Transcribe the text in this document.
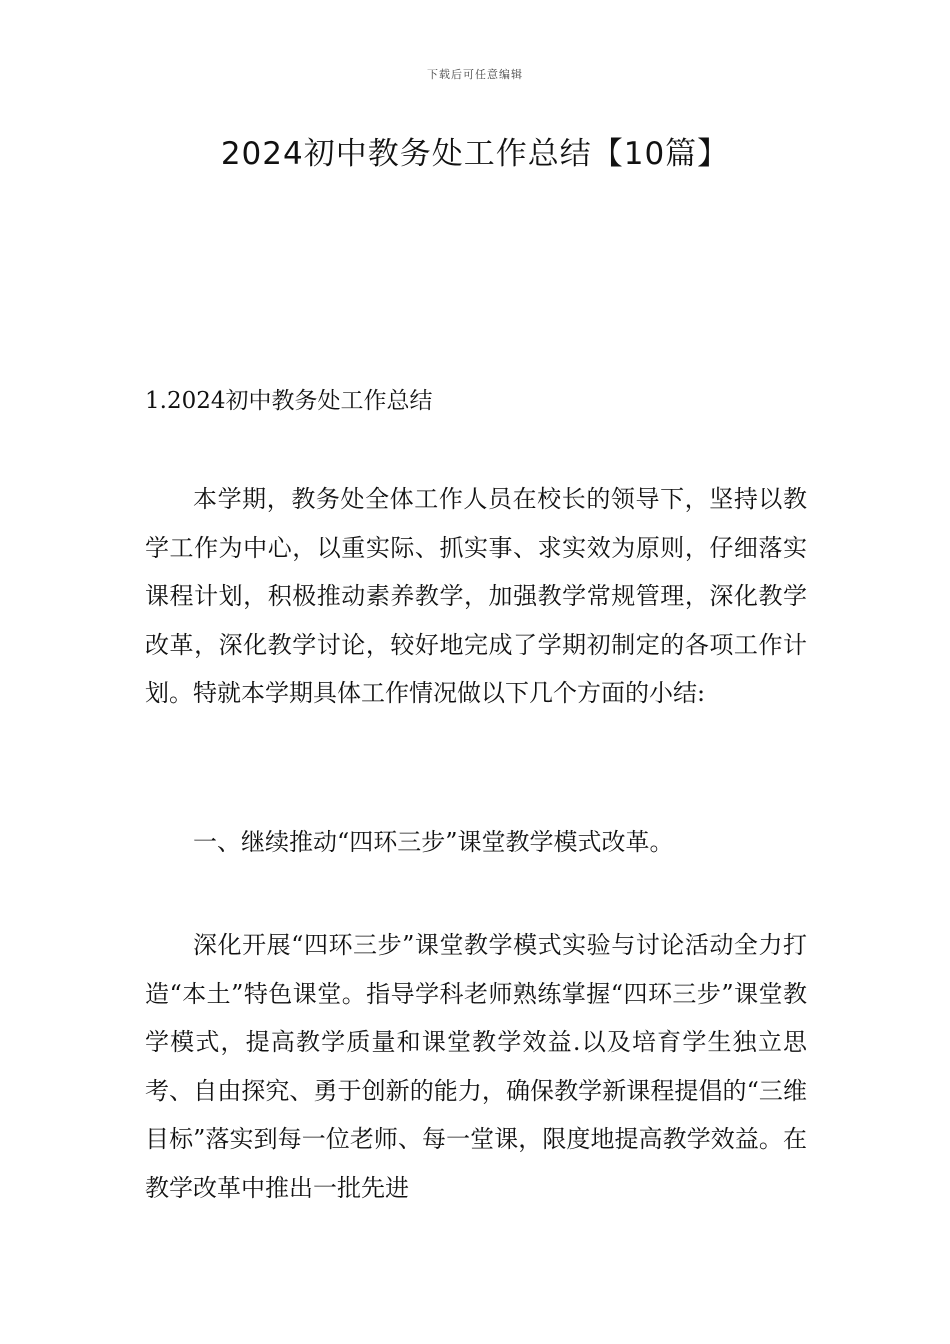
下载后可任意编辑
2024初中教务处工作总结【10篇】
1.2024初中教务处工作总结

本学期，教务处全体工作人员在校长的领导下，坚持以教学工作为中心，以重实际、抓实事、求实效为原则，仔细落实课程计划，积极推动素养教学，加强教学常规管理，深化教学改革，深化教学讨论，较好地完成了学期初制定的各项工作计划。特就本学期具体工作情况做以下几个方面的小结:

一、继续推动“四环三步”课堂教学模式改革。

深化开展“四环三步”课堂教学模式实验与讨论活动全力打造“本土”特色课堂。指导学科老师熟练掌握“四环三步”课堂教学模式，提高教学质量和课堂教学效益.以及培育学生独立思考、自由探究、勇于创新的能力，确保教学新课程提倡的“三维目标”落实到每一位老师、每一堂课，限度地提高教学效益。在教学改革中推出一批先进
